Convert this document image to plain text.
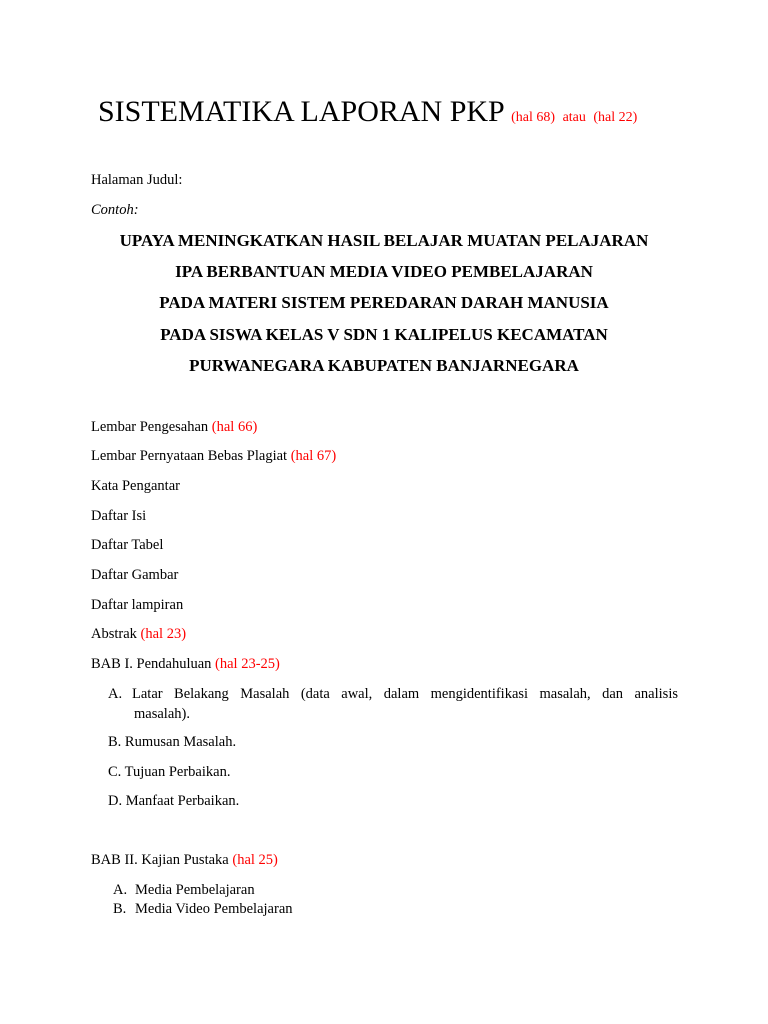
SISTEMATIKA LAPORAN PKP (hal 68) atau (hal 22)
Halaman Judul:
Contoh:
UPAYA MENINGKATKAN HASIL BELAJAR MUATAN PELAJARAN
IPA BERBANTUAN MEDIA VIDEO PEMBELAJARAN
PADA MATERI SISTEM PEREDARAN DARAH MANUSIA
PADA SISWA KELAS V SDN 1 KALIPELUS KECAMATAN
PURWANEGARA KABUPATEN BANJARNEGARA
Lembar Pengesahan (hal 66)
Lembar Pernyataan Bebas Plagiat (hal 67)
Kata Pengantar
Daftar Isi
Daftar Tabel
Daftar Gambar
Daftar lampiran
Abstrak (hal 23)
BAB I. Pendahuluan (hal 23-25)
A. Latar Belakang Masalah (data awal, dalam mengidentifikasi masalah, dan analisis
masalah).
B. Rumusan Masalah.
C. Tujuan Perbaikan.
D. Manfaat Perbaikan.
BAB II. Kajian Pustaka (hal 25)
A. Media Pembelajaran
B. Media Video Pembelajaran
